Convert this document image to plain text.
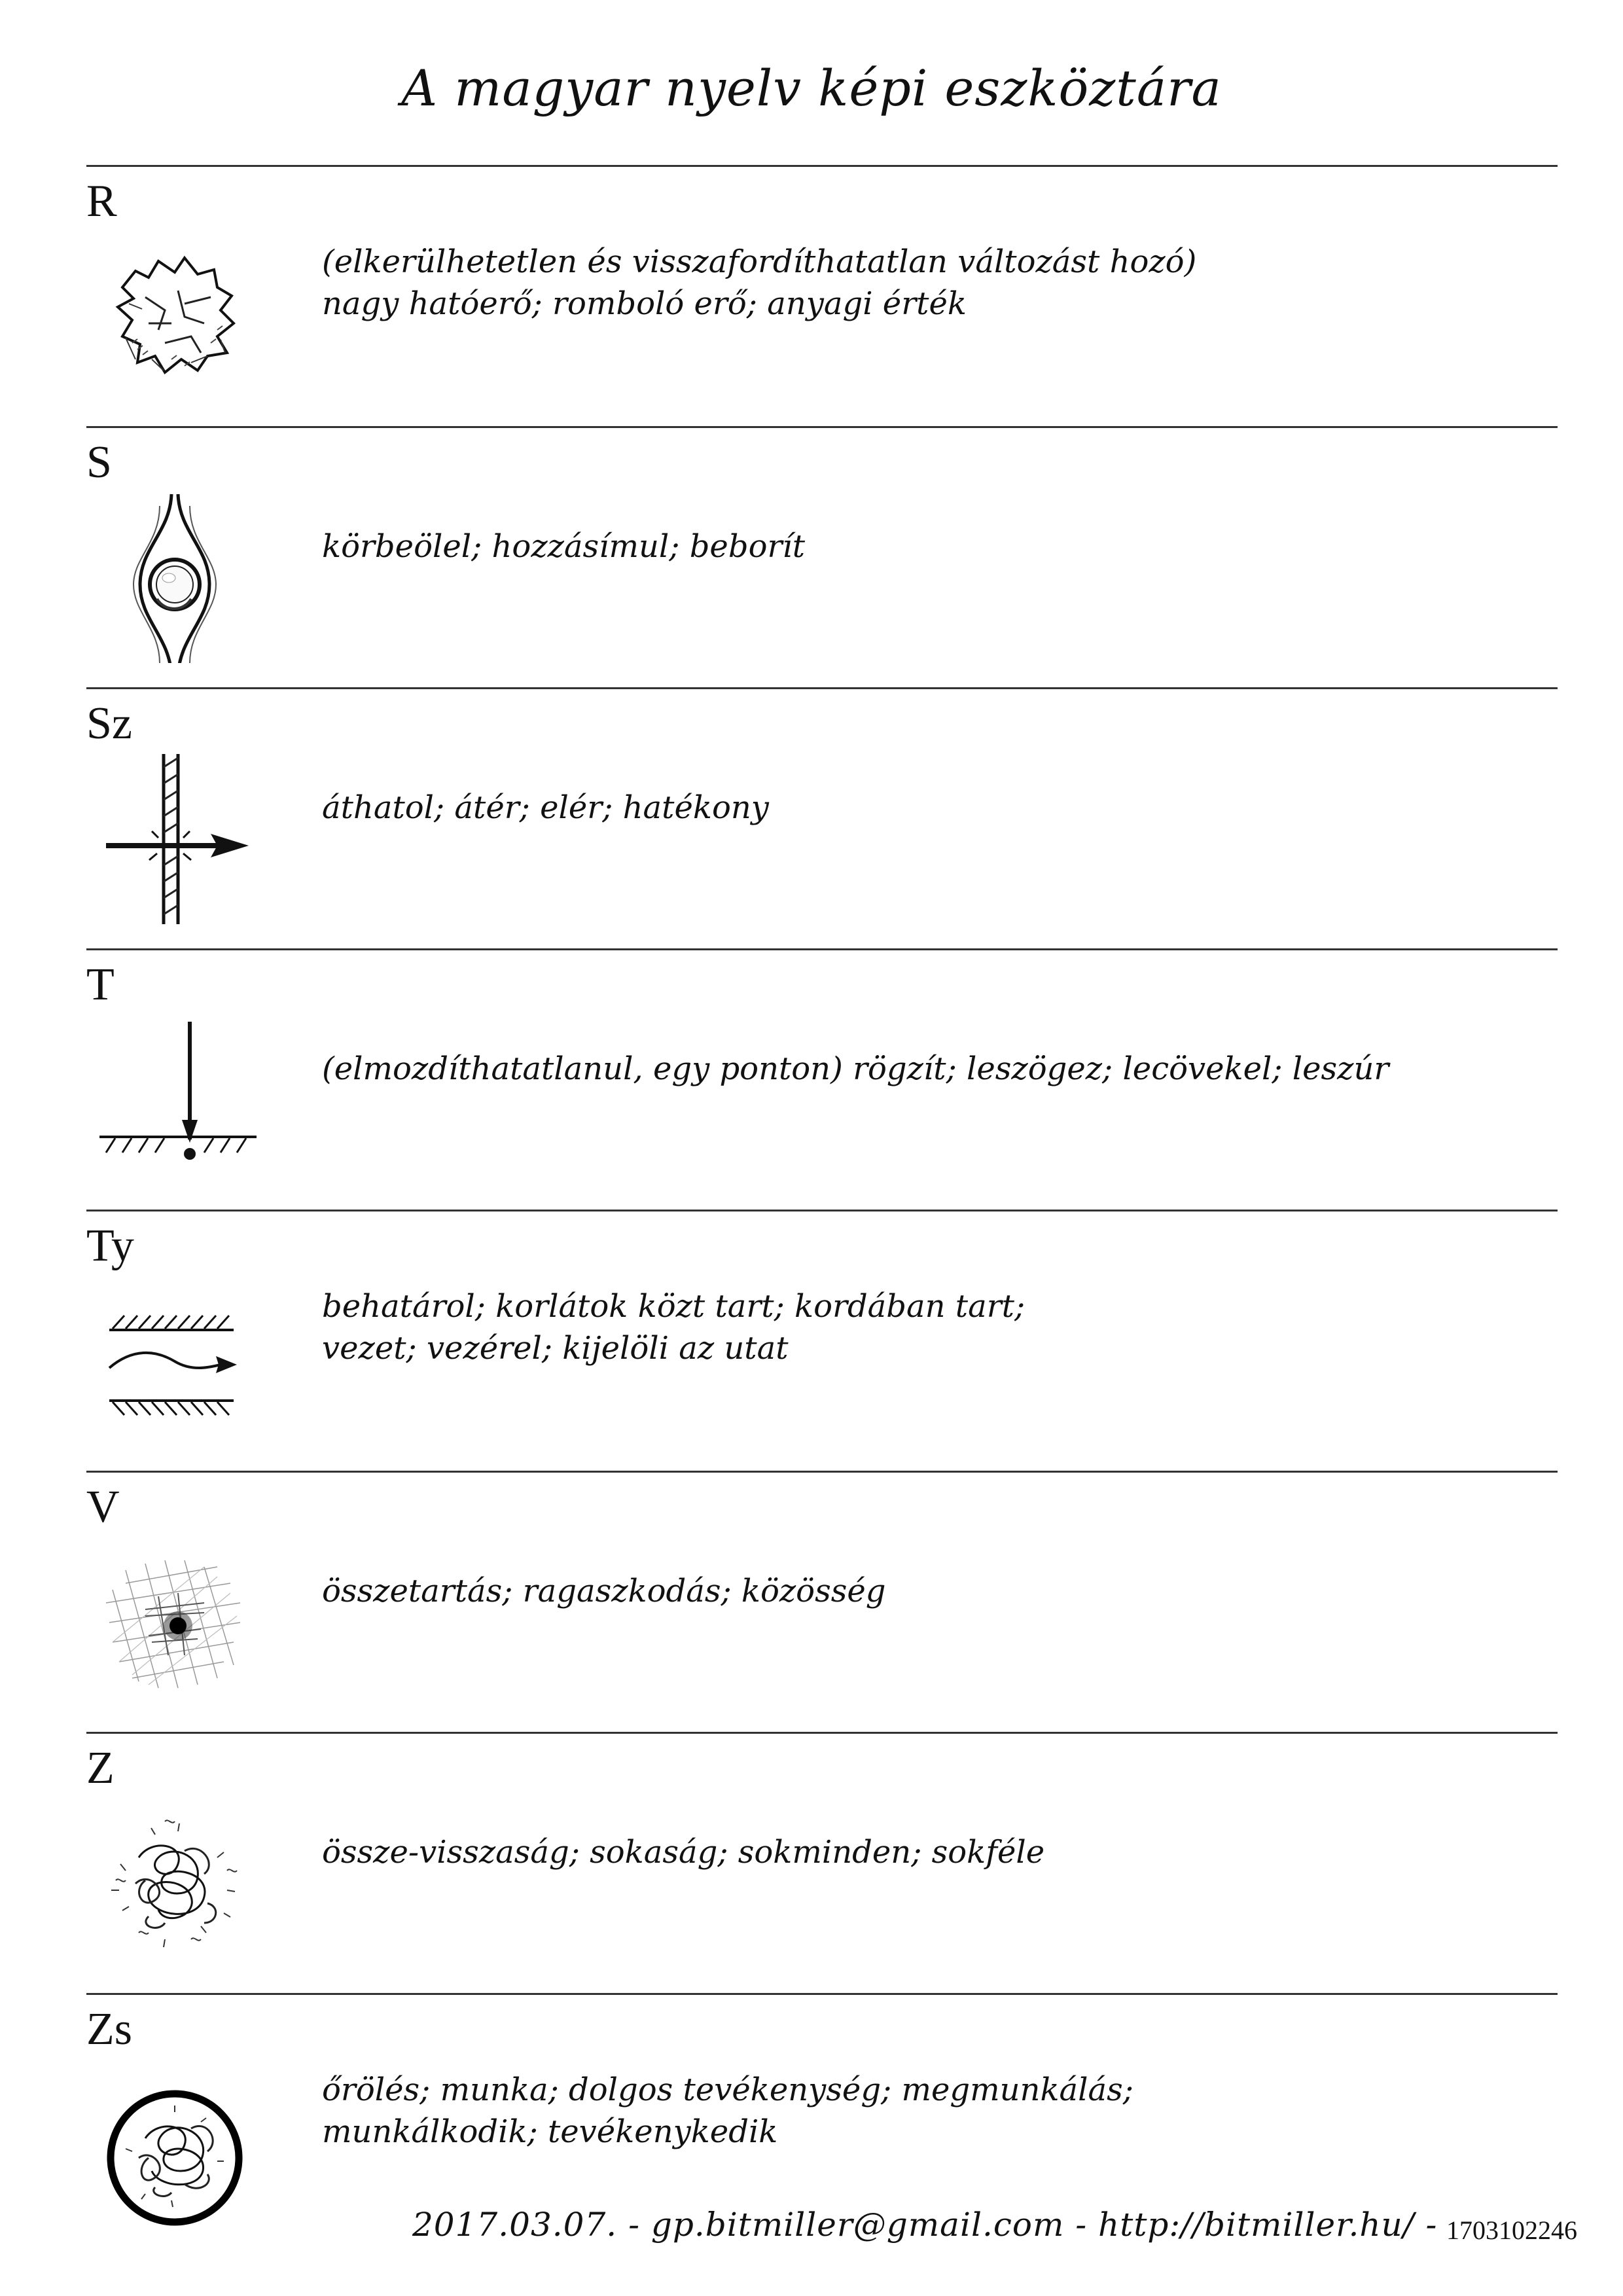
A magyar nyelv képi eszköztára
R
(elkerülhetetlen és visszafordíthatatlan változást hozó)
nagy hatóerő; romboló erő; anyagi érték
S
körbeölel; hozzásímul; beborít
Sz
áthatol; átér; elér; hatékony
T
(elmozdíthatatlanul, egy ponton) rögzít; leszögez; lecövekel; leszúr
Ty
behatárol; korlátok közt tart; kordában tart;
vezet; vezérel; kijelöli az utat
V
összetartás; ragaszkodás; közösség
Z
össze-visszaság; sokaság; sokminden; sokféle
Zs
őrölés; munka; dolgos tevékenység; megmunkálás;
munkálkodik; tevékenykedik
2017.03.07. - gp.bitmiller@gmail.com - http://bitmiller.hu/ - 1703102246
